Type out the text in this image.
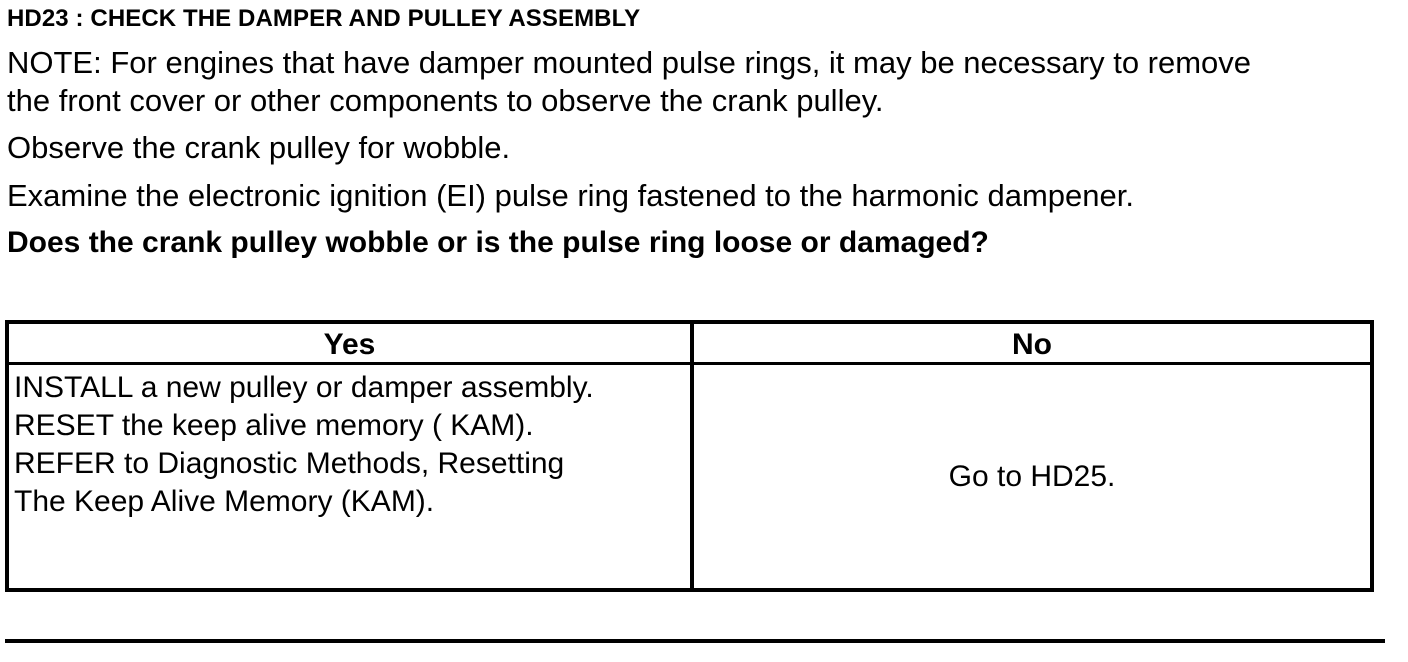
HD23 : CHECK THE DAMPER AND PULLEY ASSEMBLY
NOTE: For engines that have damper mounted pulse rings, it may be necessary to remove
the front cover or other components to observe the crank pulley.
Observe the crank pulley for wobble.
Examine the electronic ignition (EI) pulse ring fastened to the harmonic dampener.
Does the crank pulley wobble or is the pulse ring loose or damaged?
Yes	No
INSTALL a new pulley or damper assembly.
RESET the keep alive memory ( KAM).
REFER to Diagnostic Methods, Resetting
The Keep Alive Memory (KAM).
Go to HD25.
